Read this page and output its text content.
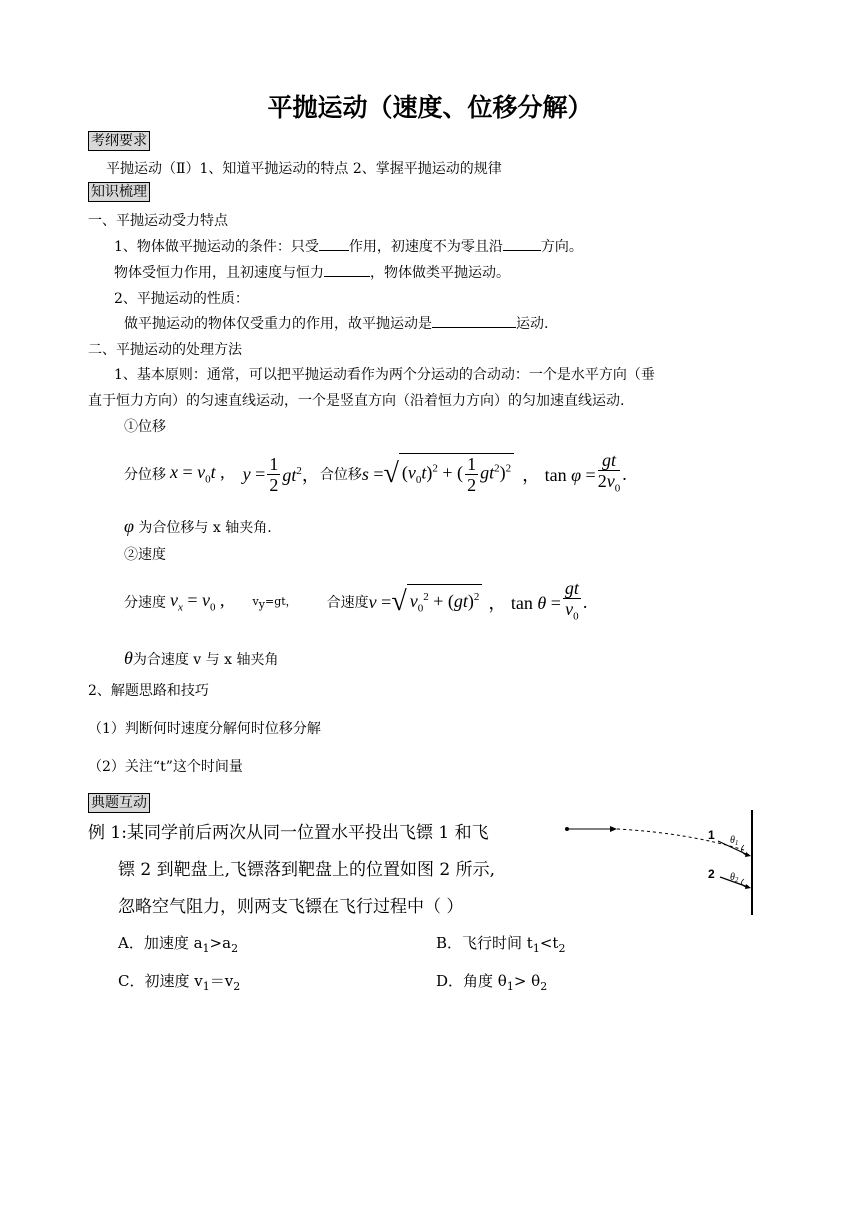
平抛运动（速度、位移分解）
考纲要求
平抛运动（Ⅱ）1、知道平抛运动的特点 2、掌握平抛运动的规律
知识梳理
一、平抛运动受力特点
1、物体做平抛运动的条件：只受 作用，初速度不为零且沿	方向。
物体受恒力作用，且初速度与恒力	，物体做类平抛运动。
2、平抛运动的性质：
做平抛运动的物体仅受重力的作用，故平抛运动是	运动.
二、平抛运动的处理方法
1、基本原则：通常，可以把平抛运动看作为两个分运动的合动动：一个是水平方向（垂
直于恒力方向）的匀速直线运动，一个是竖直方向（沿着恒力方向）的匀加速直线运动.
①位移
分位移 $x = v_0t$ , $y = \frac{1}{2} gt^2$， 合位移 s = √ $(v_0t)^2$ + ( $\frac{1}{2} gt^2)^2$ ， $\tan \varphi = \frac{gt}{2v_0}$ .
φ 为合位移与 x 轴夹角.
②速度
分速度 $v_x = v_0$ ,	$v_y=gt$， 合速度 v = √ $v_0^2 + (gt)^2$ ， $\tan \theta = \frac{gt}{v_0}$ .
θ为合速度 v 与 x 轴夹角
2、解题思路和技巧
（1）判断何时速度分解何时位移分解
（2）关注“t”这个时间量
典题互动
例 1:某同学前后两次从同一位置水平投出飞镖 1 和飞
镖 2 到靶盘上,飞镖落到靶盘上的位置如图 2 所示,
忽略空气阻力，则两支飞镖在飞行过程中（ ）
A．加速度 $a_1>a_2$	B．飞行时间 $t_1<t_2$
C．初速度 $v_1=v_2$	D．角度 $\theta_1> \theta_2$
1
2
$\theta_1$
$\theta_2$
